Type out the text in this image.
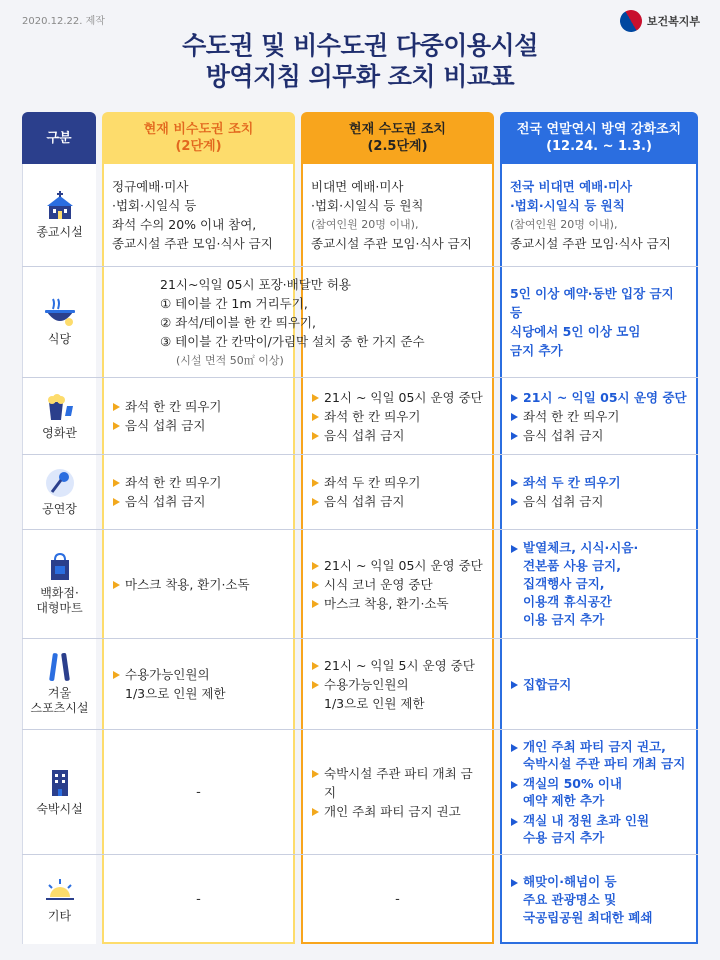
2020.12.22. 제작	보건복지부
수도권 및 비수도권 다중이용시설
방역지침 의무화 조치 비교표
구분
현재 비수도권 조치
(2단계)
현재 수도권 조치
(2.5단계)
전국 연말연시 방역 강화조치
(12.24. ~ 1.3.)
종교시설
정규예배·미사
·법회·시일식 등
좌석 수의 20% 이내 참여,
종교시설 주관 모임·식사 금지
비대면 예배·미사
·법회·시일식 등 원칙
(참여인원 20명 이내),
종교시설 주관 모임·식사 금지
전국 비대면 예배·미사
·법회·시일식 등 원칙
(참여인원 20명 이내),
종교시설 주관 모임·식사 금지
식당
21시~익일 05시 포장·배달만 허용
① 테이블 간 1m 거리두기,
② 좌석/테이블 한 칸 띄우기,
③ 테이블 간 칸막이/가림막 설치 중 한 가지 준수
(시설 면적 50㎡ 이상)
5인 이상 예약·동반 입장 금지 등
식당에서 5인 이상 모임
금지 추가
영화관
좌석 한 칸 띄우기
음식 섭취 금지
21시 ~ 익일 05시 운영 중단
좌석 한 칸 띄우기
음식 섭취 금지
21시 ~ 익일 05시 운영 중단
좌석 한 칸 띄우기
음식 섭취 금지
공연장
좌석 한 칸 띄우기
음식 섭취 금지
좌석 두 칸 띄우기
음식 섭취 금지
좌석 두 칸 띄우기
음식 섭취 금지
백화점·
대형마트
마스크 착용, 환기·소독
21시 ~ 익일 05시 운영 중단
시식 코너 운영 중단
마스크 착용, 환기·소독
발열체크, 시식·시음·
견본품 사용 금지,
집객행사 금지,
이용객 휴식공간
이용 금지 추가
겨울
스포츠시설
수용가능인원의
1/3으로 인원 제한
21시 ~ 익일 5시 운영 중단
수용가능인원의
1/3으로 인원 제한
집합금지
숙박시설
-
숙박시설 주관 파티 개최 금지
개인 주최 파티 금지 권고
개인 주최 파티 금지 권고,
숙박시설 주관 파티 개최 금지
객실의 50% 이내
예약 제한 추가
객실 내 정원 초과 인원
수용 금지 추가
기타
-	-
해맞이·해넘이 등
주요 관광명소 및
국공립공원 최대한 폐쇄
